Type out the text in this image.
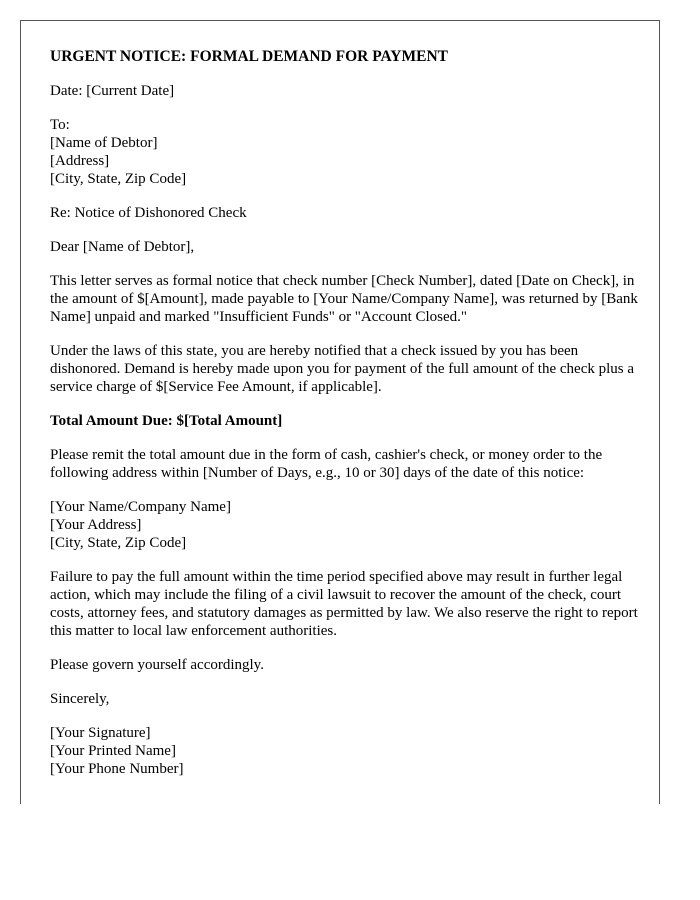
URGENT NOTICE: FORMAL DEMAND FOR PAYMENT

Date: [Current Date]

To:
[Name of Debtor]
[Address]
[City, State, Zip Code]

Re: Notice of Dishonored Check

Dear [Name of Debtor],

This letter serves as formal notice that check number [Check Number], dated [Date on Check], in the amount of $[Amount], made payable to [Your Name/Company Name], was returned by [Bank Name] unpaid and marked "Insufficient Funds" or "Account Closed."

Under the laws of this state, you are hereby notified that a check issued by you has been dishonored. Demand is hereby made upon you for payment of the full amount of the check plus a service charge of $[Service Fee Amount, if applicable].

Total Amount Due: $[Total Amount]

Please remit the total amount due in the form of cash, cashier's check, or money order to the following address within [Number of Days, e.g., 10 or 30] days of the date of this notice:

[Your Name/Company Name]
[Your Address]
[City, State, Zip Code]

Failure to pay the full amount within the time period specified above may result in further legal action, which may include the filing of a civil lawsuit to recover the amount of the check, court costs, attorney fees, and statutory damages as permitted by law. We also reserve the right to report this matter to local law enforcement authorities.

Please govern yourself accordingly.

Sincerely,

[Your Signature]
[Your Printed Name]
[Your Phone Number]
